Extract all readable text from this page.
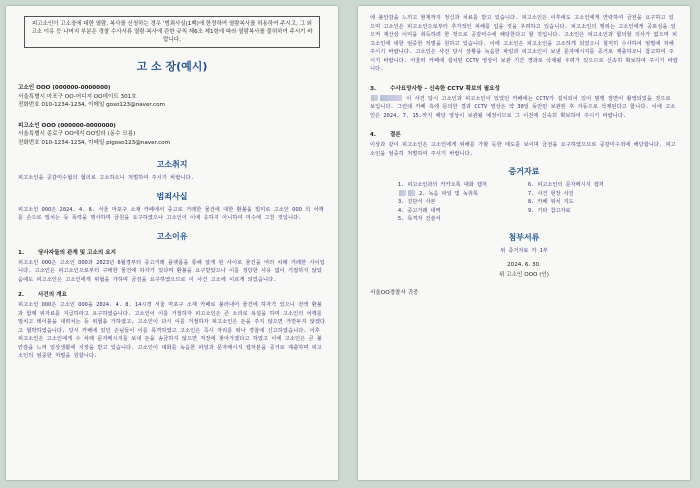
피고소인이 고소장에 대한 열람, 복사를 신청하는 경우 '범죄사실(1백)에 한정하여 열람복사를 허용하여 주시고, 그 외 고소 이유 등 나머지 부분은 경찰 수사서류 열람·복사에 관한 규칙 제6조 제1항에 따라 열람복사를 불허하여 주시기 바랍니다.
고 소 장(예시)
고소인 OOO (000000-0000000)
서울특별시 마포구 OO-어디지 OO데이트 301호
전화번호 010-1234-1234, 이메일 goso123@naver.com
피고소인 OOO (000000-0000000)
서울특별시 종로구 OO에지 OO빌라 (동수 모름)
전화번호 010-1234-1234, 이메일 pigoso123@naver.com
고소취지
피고소인을 공갈미수혐의 혐의로 고소하오니 처벌하여 주시기 바랍니다.
범죄사실
피고소인 OOO은 2024. 4. 8. 서울 마포구 소재 카페에서 중고로 거래한 물건에 대한 환불을 빌미로 고소인 OOO 의 어깨를 손으로 밀치는 등 폭력을 행사하며 금원을 요구하였으나 고소인이 이에 응하지 아니하여 미수에 그친 것입니다.
고소이유
1. 당사자들의 관계 및 고소의 요지
피고소인 OOO은 고소인 OOO과 2023년 6월경부터 중고거래 플랫폼을 통해 알게 된 사이로 물건을 여러 차례 거래한 사이입니다. 고소인은 피고소인으로부터 구매한 물건에 하자가 있다며 환불을 요구받았으나 이를 정당한 사유 없이 거절하지 않았음에도 피고소인은 고소인에게 위협을 가하며 금전을 요구하였으므로 이 사건 고소에 이르게 되었습니다.
2. 사건의 개요
피고소인 OOO은 고소인 OOO을 2024. 4. 8. 14시경 서울 마포구 소재 카페로 불러내어 물건에 하자가 있으니 전액 환불과 함께 위자료를 지급하라고 요구하였습니다. 고소인이 이를 거절하자 피고소인은 큰 소리로 욕설을 하며 고소인의 어깨를 밀치고 테이블을 내려치는 등 위협을 가하였고, 고소인이 다시 이를 거절하자 피고소인은 돈을 주지 않으면 가만두지 않겠다고 협박하였습니다. 당시 카페에 있던 손님들이 이를 목격하였고 고소인은 즉시 자리를 떠나 경찰에 신고하였습니다. 이후 피고소인은 고소인에게 수 차례 문자메시지를 보내 돈을 송금하지 않으면 직장에 찾아가겠다고 하였고 이에 고소인은 큰 불안감을 느껴 일상생활에 지장을 받고 있습니다. 고소인이 대화를 녹음한 파일과 문자메시지 캡처본을 증거로 제출하며 피고소인의 엄중한 처벌을 원합니다.
에 불안감을 느끼고 현재까지 정신과 치료를 받고 있습니다. 피고소인은 이후에도 고소인에게 연락하여 금전을 요구하고 있으며 고소인은 피고소인으로부터 추가적인 피해를 입을 것을 우려하고 있습니다. 피고소인의 행위는 고소인에게 공포심을 일으켜 재산상 이익을 취득하려 한 것으로 공갈미수에 해당한다고 할 것입니다. 고소인은 피고소인과 합의할 의사가 없으며 피고소인에 대한 엄중한 처벌을 원하고 있습니다. 이에 고소인은 피고소인을 고소하게 되었으니 철저히 수사하여 엄벌에 처해 주시기 바랍니다. 고소인은 사건 당시 상황을 녹음한 파일과 피고소인이 보낸 문자메시지를 증거로 제출하오니 참고하여 주시기 바랍니다. 아울러 카페에 설치된 CCTV 영상이 보관 기간 경과로 삭제될 우려가 있으므로 신속히 확보하여 주시기 바랍니다.
3. 수사요망사항 – 신속한 CCTV 확보의 필요성
이 사건 당시 고소인과 피고소인이 있었던 카페에는 CCTV가 설치되어 있어 범행 장면이 촬영되었을 것으로 보입니다. 그런데 카페 측에 문의한 결과 CCTV 영상은 약 30일 동안만 보관된 후 자동으로 삭제된다고 합니다. 이에 고소인은 2024. 7. 15.까지 해당 영상이 보관될 예정이므로 그 이전에 신속히 확보하여 주시기 바랍니다.
4. 결론
이상과 같이 피고소인은 고소인에게 위해를 가할 듯한 태도를 보이며 금전을 요구하였으므로 공갈미수죄에 해당합니다. 피고소인을 엄중히 처벌하여 주시기 바랍니다.
증거자료
1. 피고소인과의 카카오톡 대화 캡처	6. 피고소인의 문자메시지 캡처
2. 녹음 파일 및 녹취록	7. 사건 현장 사진
3. 진단서 사본	8. 카페 위치 지도
4. 중고거래 내역	9. 기타 참고자료
5. 목격자 진술서
첨부서류
위 증거자료 각 1부
2024. 6. 30.
위 고소인 OOO (인)
서울OO경찰서 귀중
